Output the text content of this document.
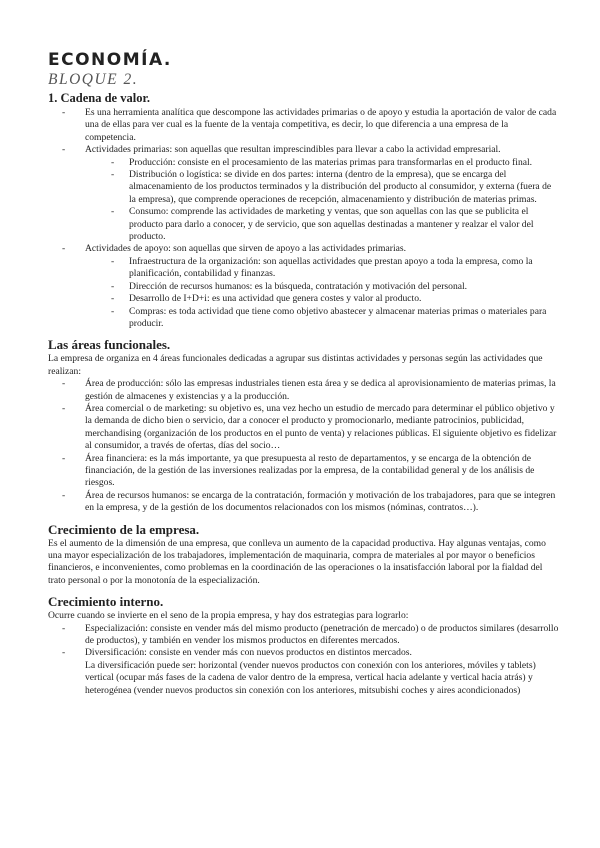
ECONOMÍA.
BLOQUE 2.
1. Cadena de valor.
- Es una herramienta analítica que descompone las actividades primarias o de apoyo y estudia la aportación de valor de cada una de ellas para ver cual es la fuente de la ventaja competitiva, es decir, lo que diferencia a una empresa de la competencia.
- Actividades primarias: son aquellas que resultan imprescindibles para llevar a cabo la actividad empresarial.
- Producción: consiste en el procesamiento de las materias primas para transformarlas en el producto final.
- Distribución o logística: se divide en dos partes: interna (dentro de la empresa), que se encarga del almacenamiento de los productos terminados y la distribución del producto al consumidor, y externa (fuera de la empresa), que comprende operaciones de recepción, almacenamiento y distribución de materias primas.
- Consumo: comprende las actividades de marketing y ventas, que son aquellas con las que se publicita el producto para darlo a conocer, y de servicio, que son aquellas destinadas a mantener y realzar el valor del producto.
- Actividades de apoyo: son aquellas que sirven de apoyo a las actividades primarias.
- Infraestructura de la organización: son aquellas actividades que prestan apoyo a toda la empresa, como la planificación, contabilidad y finanzas.
- Dirección de recursos humanos: es la búsqueda, contratación y motivación del personal.
- Desarrollo de I+D+i: es una actividad que genera costes y valor al producto.
- Compras: es toda actividad que tiene como objetivo abastecer y almacenar materias primas o materiales para producir.
Las áreas funcionales.

La empresa de organiza en 4 áreas funcionales dedicadas a agrupar sus distintas actividades y personas según las actividades que realizan:

- Área de producción: sólo las empresas industriales tienen esta área y se dedica al aprovisionamiento de materias primas, la gestión de almacenes y existencias y a la producción.
- Área comercial o de marketing: su objetivo es, una vez hecho un estudio de mercado para determinar el público objetivo y la demanda de dicho bien o servicio, dar a conocer el producto y promocionarlo, mediante patrocinios, publicidad, merchandising (organización de los productos en el punto de venta) y relaciones públicas. El siguiente objetivo es fidelizar al consumidor, a través de ofertas, días del socio…
- Área financiera: es la más importante, ya que presupuesta al resto de departamentos, y se encarga de la obtención de financiación, de la gestión de las inversiones realizadas por la empresa, de la contabilidad general y de los análisis de riesgos.
- Área de recursos humanos: se encarga de la contratación, formación y motivación de los trabajadores, para que se integren en la empresa, y de la gestión de los documentos relacionados con los mismos (nóminas, contratos…).
Crecimiento de la empresa.

Es el aumento de la dimensión de una empresa, que conlleva un aumento de la capacidad productiva. Hay algunas ventajas, como una mayor especialización de los trabajadores, implementación de maquinaria, compra de materiales al por mayor o beneficios financieros, e inconvenientes, como problemas en la coordinación de las operaciones o la insatisfacción laboral por la fialdad del trato personal o por la monotonía de la especialización.

Crecimiento interno.

Ocurre cuando se invierte en el seno de la propia empresa, y hay dos estrategias para lograrlo:

- Especialización: consiste en vender más del mismo producto (penetración de mercado) o de productos similares (desarrollo de productos), y también en vender los mismos productos en diferentes mercados.
- Diversificación: consiste en vender más con nuevos productos en distintos mercados.
La diversificación puede ser: horizontal (vender nuevos productos con conexión con los anteriores, móviles y tablets) vertical (ocupar más fases de la cadena de valor dentro de la empresa, vertical hacia adelante y vertical hacia atrás) y heterogénea (vender nuevos productos sin conexión con los anteriores, mitsubishi coches y aires acondicionados)
